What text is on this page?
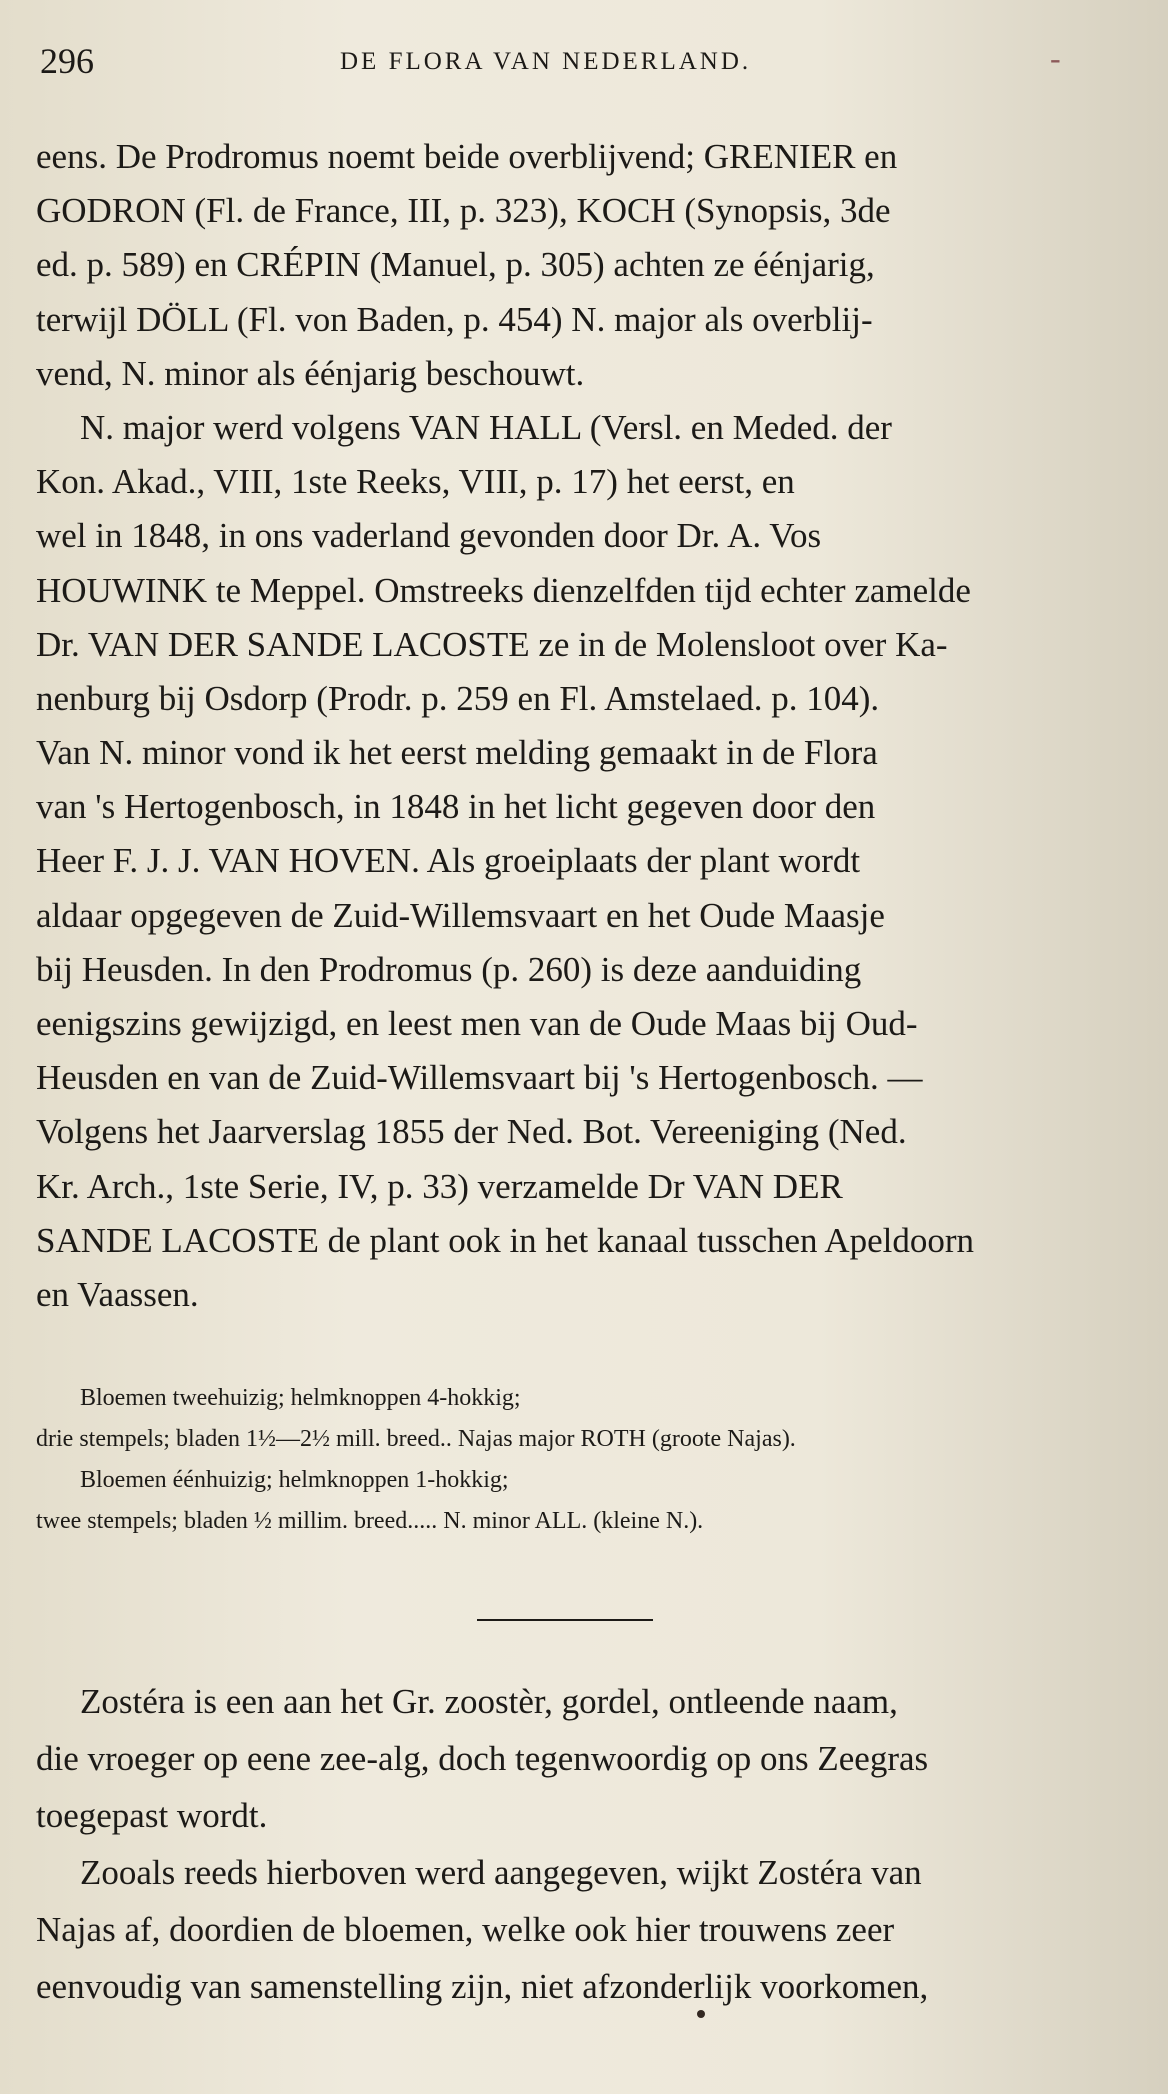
296	DE FLORA VAN NEDERLAND.	-
eens. De Prodromus noemt beide overblijvend; GRENIER en
GODRON (Fl. de France, III, p. 323), KOCH (Synopsis, 3de
ed. p. 589) en CRÉPIN (Manuel, p. 305) achten ze éénjarig,
terwijl DÖLL (Fl. von Baden, p. 454) N. major als overblij-
vend, N. minor als éénjarig beschouwt.
N. major werd volgens VAN HALL (Versl. en Meded. der
Kon. Akad., VIII, 1ste Reeks, VIII, p. 17) het eerst, en
wel in 1848, in ons vaderland gevonden door Dr. A. Vos
HOUWINK te Meppel. Omstreeks dienzelfden tijd echter zamelde
Dr. VAN DER SANDE LACOSTE ze in de Molensloot over Ka-
nenburg bij Osdorp (Prodr. p. 259 en Fl. Amstelaed. p. 104).
Van N. minor vond ik het eerst melding gemaakt in de Flora
van 's Hertogenbosch, in 1848 in het licht gegeven door den
Heer F. J. J. VAN HOVEN. Als groeiplaats der plant wordt
aldaar opgegeven de Zuid-Willemsvaart en het Oude Maasje
bij Heusden. In den Prodromus (p. 260) is deze aanduiding
eenigszins gewijzigd, en leest men van de Oude Maas bij Oud-
Heusden en van de Zuid-Willemsvaart bij 's Hertogenbosch. —
Volgens het Jaarverslag 1855 der Ned. Bot. Vereeniging (Ned.
Kr. Arch., 1ste Serie, IV, p. 33) verzamelde Dr VAN DER
SANDE LACOSTE de plant ook in het kanaal tusschen Apeldoorn
en Vaassen.
Bloemen tweehuizig; helmknoppen 4-hokkig;
drie stempels; bladen 1½—2½ mill. breed.. Najas major ROTH (groote Najas).
Bloemen éénhuizig; helmknoppen 1-hokkig;
twee stempels; bladen ½ millim. breed..... N. minor ALL. (kleine N.).
Zostéra is een aan het Gr. zoostèr, gordel, ontleende naam,
die vroeger op eene zee-alg, doch tegenwoordig op ons Zeegras
toegepast wordt.
Zooals reeds hierboven werd aangegeven, wijkt Zostéra van
Najas af, doordien de bloemen, welke ook hier trouwens zeer
eenvoudig van samenstelling zijn, niet afzonderlijk voorkomen,
